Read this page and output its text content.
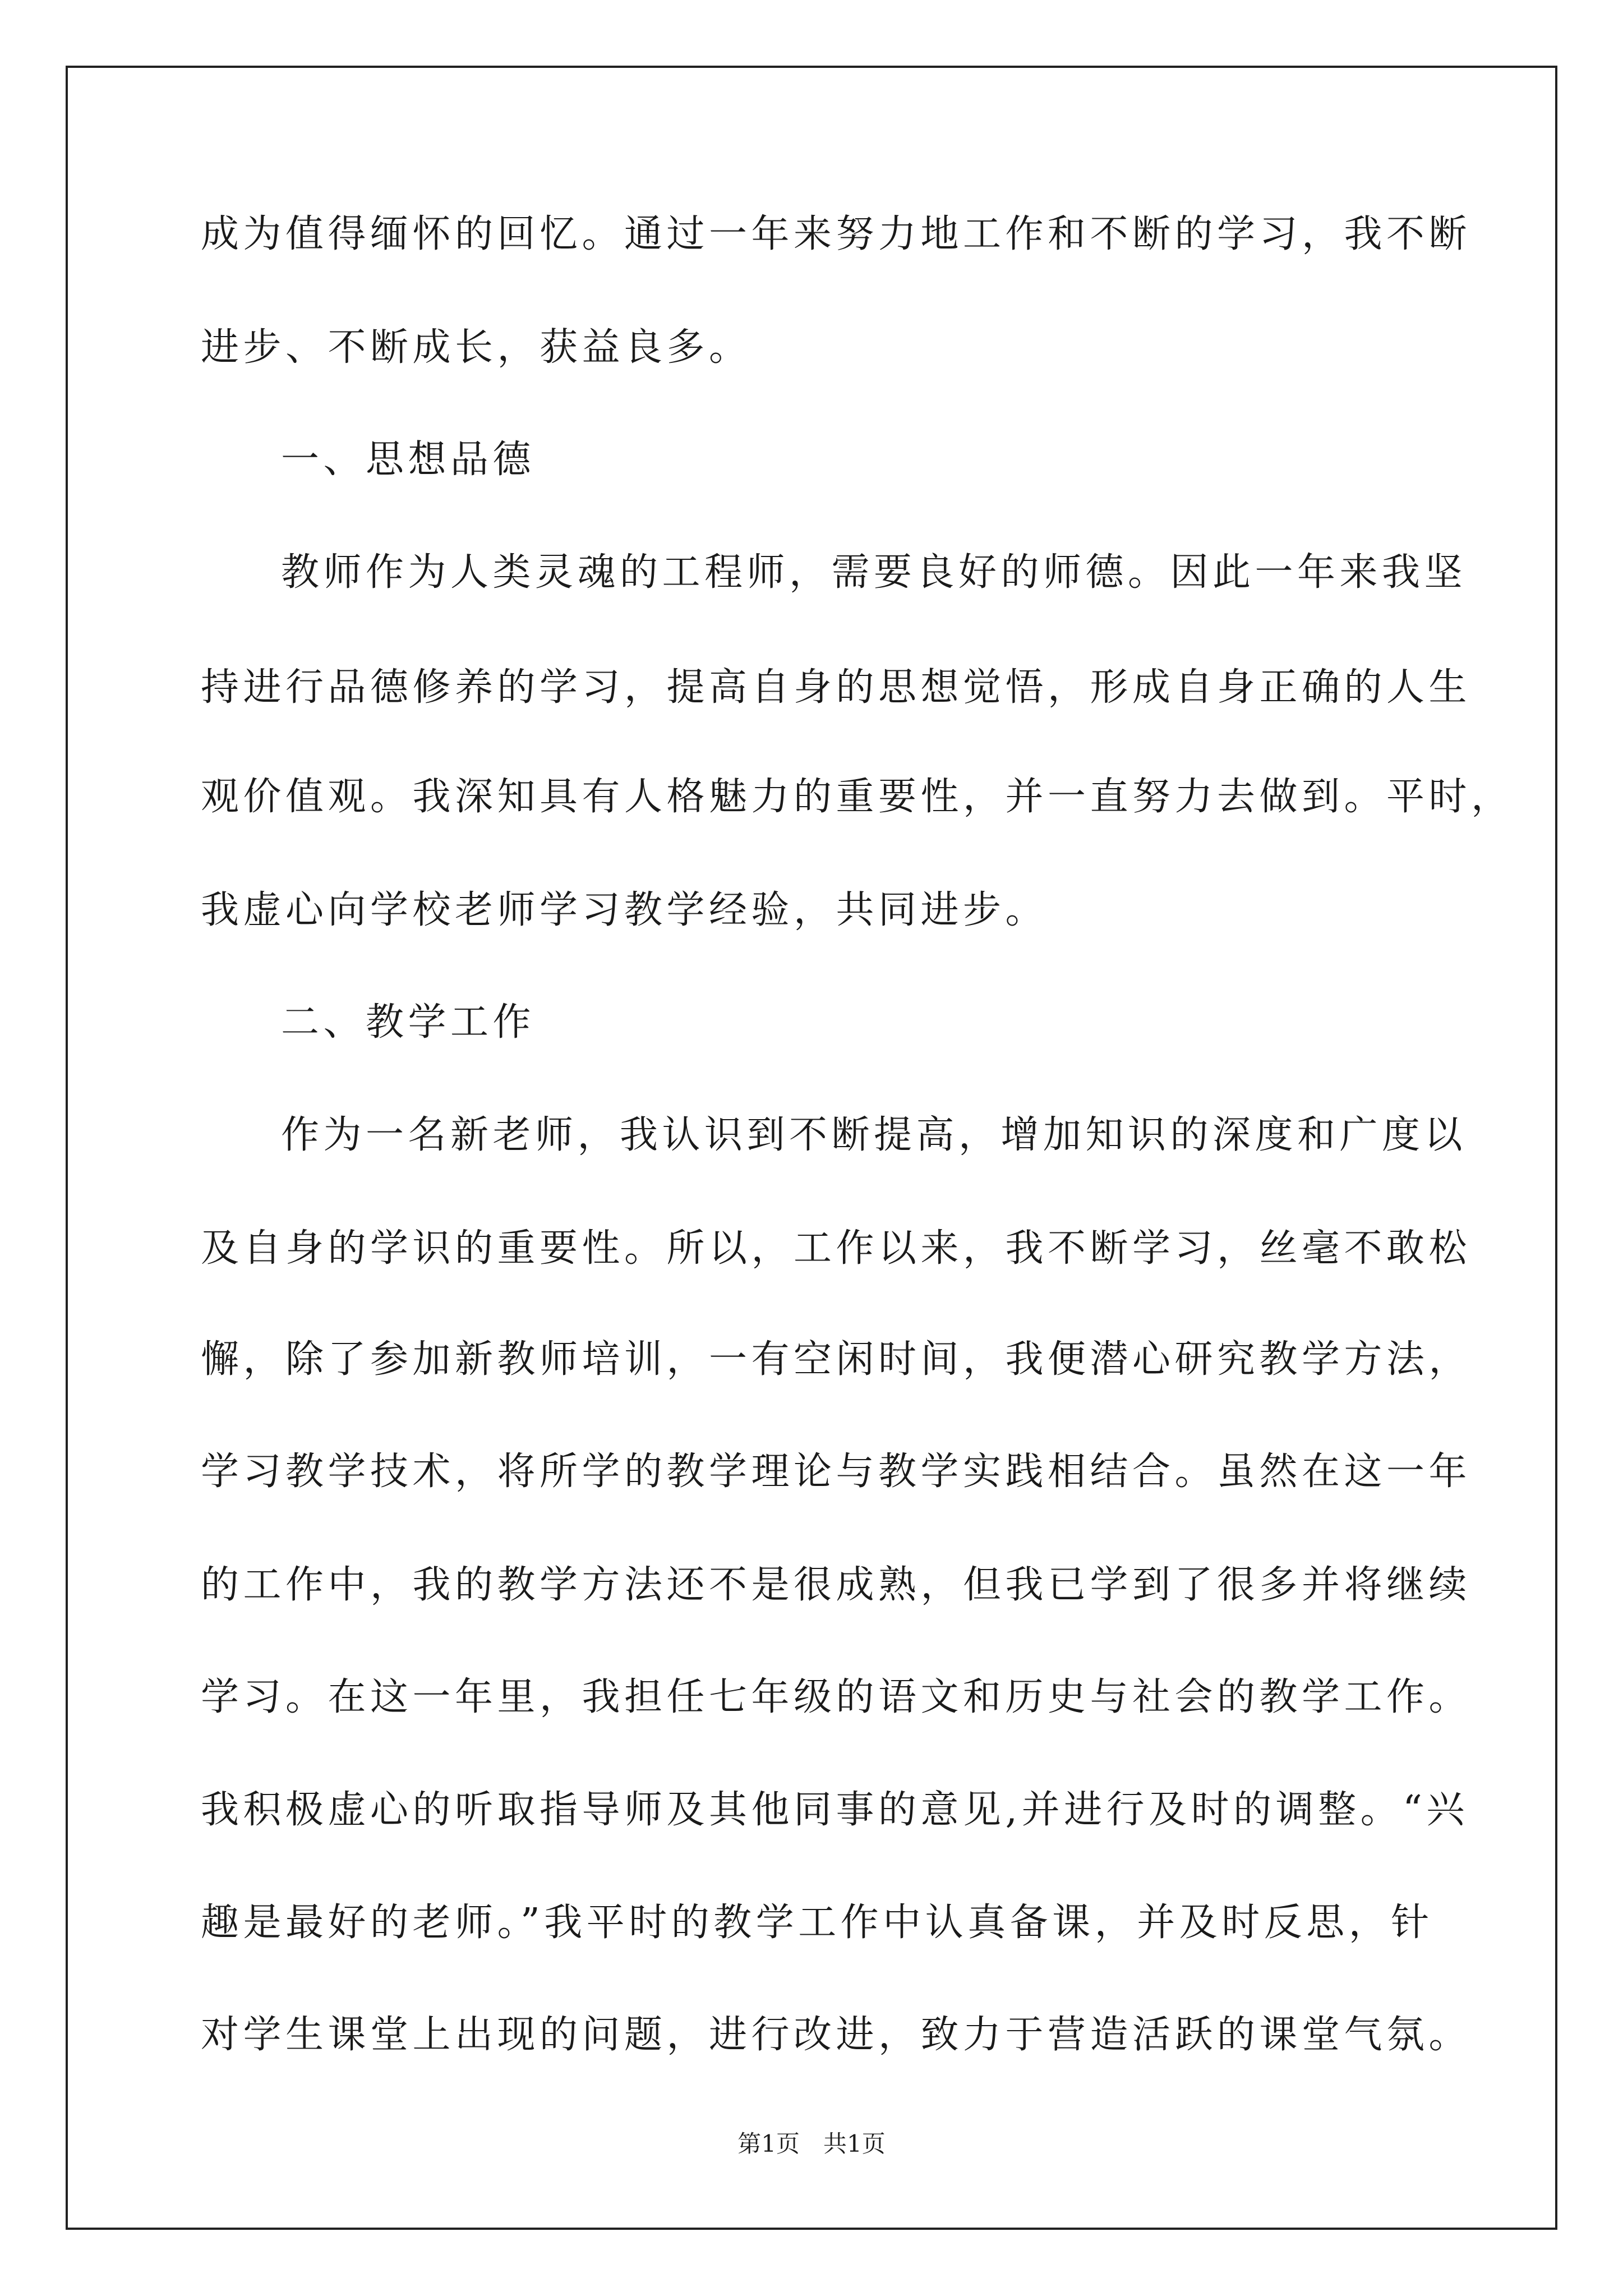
成为值得缅怀的回忆。通过一年来努力地工作和不断的学习，我不断
进步、不断成长，获益良多。
一、思想品德
教师作为人类灵魂的工程师，需要良好的师德。因此一年来我坚
持进行品德修养的学习，提高自身的思想觉悟，形成自身正确的人生
观价值观。我深知具有人格魅力的重要性，并一直努力去做到。平时，
我虚心向学校老师学习教学经验，共同进步。
二、教学工作
作为一名新老师，我认识到不断提高，增加知识的深度和广度以
及自身的学识的重要性。所以，工作以来，我不断学习，丝毫不敢松
懈，除了参加新教师培训，一有空闲时间，我便潜心研究教学方法，
学习教学技术，将所学的教学理论与教学实践相结合。虽然在这一年
的工作中，我的教学方法还不是很成熟，但我已学到了很多并将继续
学习。在这一年里，我担任七年级的语文和历史与社会的教学工作。
我积极虚心的听取指导师及其他同事的意见,并进行及时的调整。“兴
趣是最好的老师。”我平时的教学工作中认真备课，并及时反思，针
对学生课堂上出现的问题，进行改进，致力于营造活跃的课堂气氛。
第1页　共1页
